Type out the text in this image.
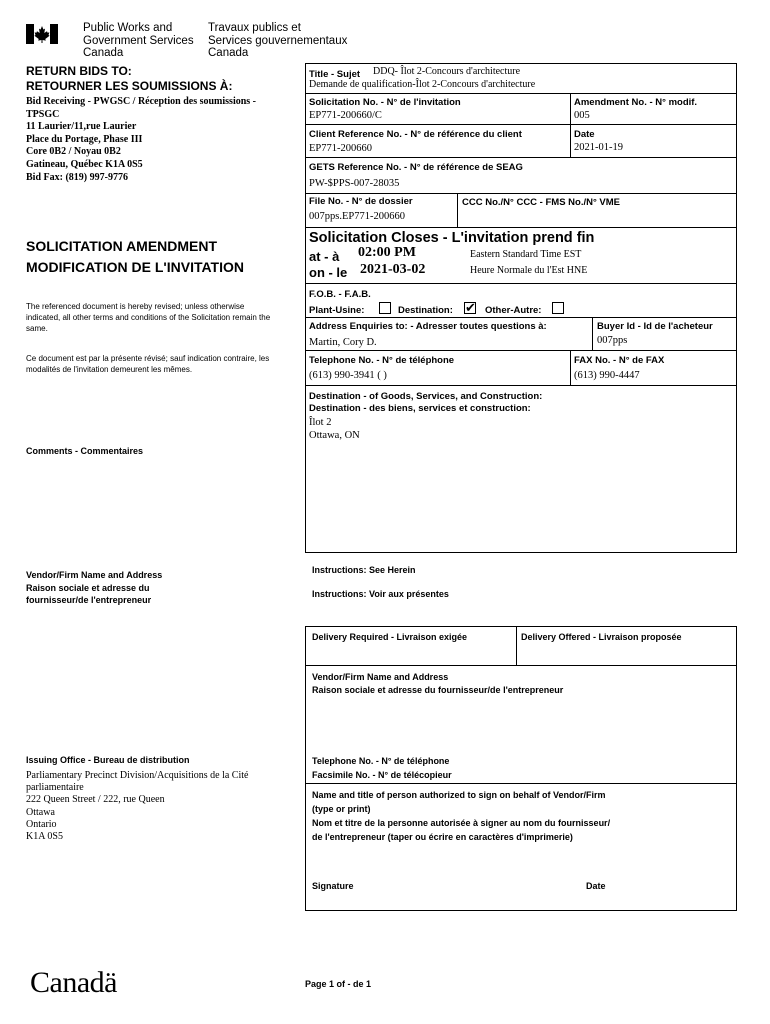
Public Works and
Government Services
Canada
Travaux publics et
Services gouvernementaux
Canada
RETURN BIDS TO:
RETOURNER LES SOUMISSIONS À:
Bid Receiving - PWGSC / Réception des soumissions -
TPSGC
11 Laurier/11,rue Laurier
Place du Portage, Phase III
Core 0B2 / Noyau 0B2
Gatineau, Québec K1A 0S5
Bid Fax: (819) 997-9776
SOLICITATION AMENDMENT
MODIFICATION DE L'INVITATION
The referenced document is hereby revised; unless otherwise indicated, all other terms and conditions of the Solicitation remain the same.
Ce document est par la présente révisé; sauf indication contraire, les modalités de l'invitation demeurent les mêmes.
Comments - Commentaires
Vendor/Firm Name and Address
Raison sociale et adresse du
fournisseur/de l'entrepreneur
Issuing Office - Bureau de distribution
Parliamentary Precinct Division/Acquisitions de la Cité
parliamentaire
222 Queen Street / 222, rue Queen
Ottawa
Ontario
K1A 0S5
Title - Sujet DDQ- Îlot 2-Concours d'architecture
Demande de qualification-Îlot 2-Concours d'architecture
Solicitation No. - N° de l'invitation
EP771-200660/C
Amendment No. - N° modif.
005
Client Reference No. - N° de référence du client
EP771-200660
Date
2021-01-19
GETS Reference No. - N° de référence de SEAG
PW-$PPS-007-28035
File No. - N° de dossier
007pps.EP771-200660
CCC No./N° CCC - FMS No./N° VME
Solicitation Closes - L'invitation prend fin
at - à 02:00 PM
on - le 2021-03-02
Eastern Standard Time EST
Heure Normale du l'Est HNE
F.O.B. - F.A.B.
Plant-Usine:	Destination: ✔ Other-Autre:
Address Enquiries to: - Adresser toutes questions à:
Martin, Cory D.
Buyer Id - Id de l'acheteur
007pps
Telephone No. - N° de téléphone
(613) 990-3941 ( )
FAX No. - N° de FAX
(613) 990-4447
Destination - of Goods, Services, and Construction:
Destination - des biens, services et construction:
Îlot 2
Ottawa, ON
Instructions: See Herein
Instructions: Voir aux présentes
Delivery Required - Livraison exigée	Delivery Offered - Livraison proposée
Vendor/Firm Name and Address
Raison sociale et adresse du fournisseur/de l'entrepreneur
Telephone No. - N° de téléphone
Facsimile No. - N° de télécopieur
Name and title of person authorized to sign on behalf of Vendor/Firm
(type or print)
Nom et titre de la personne autorisée à signer au nom du fournisseur/
de l'entrepreneur (taper ou écrire en caractères d'imprimerie)
Signature	Date
Canadä	Page 1 of - de 1
